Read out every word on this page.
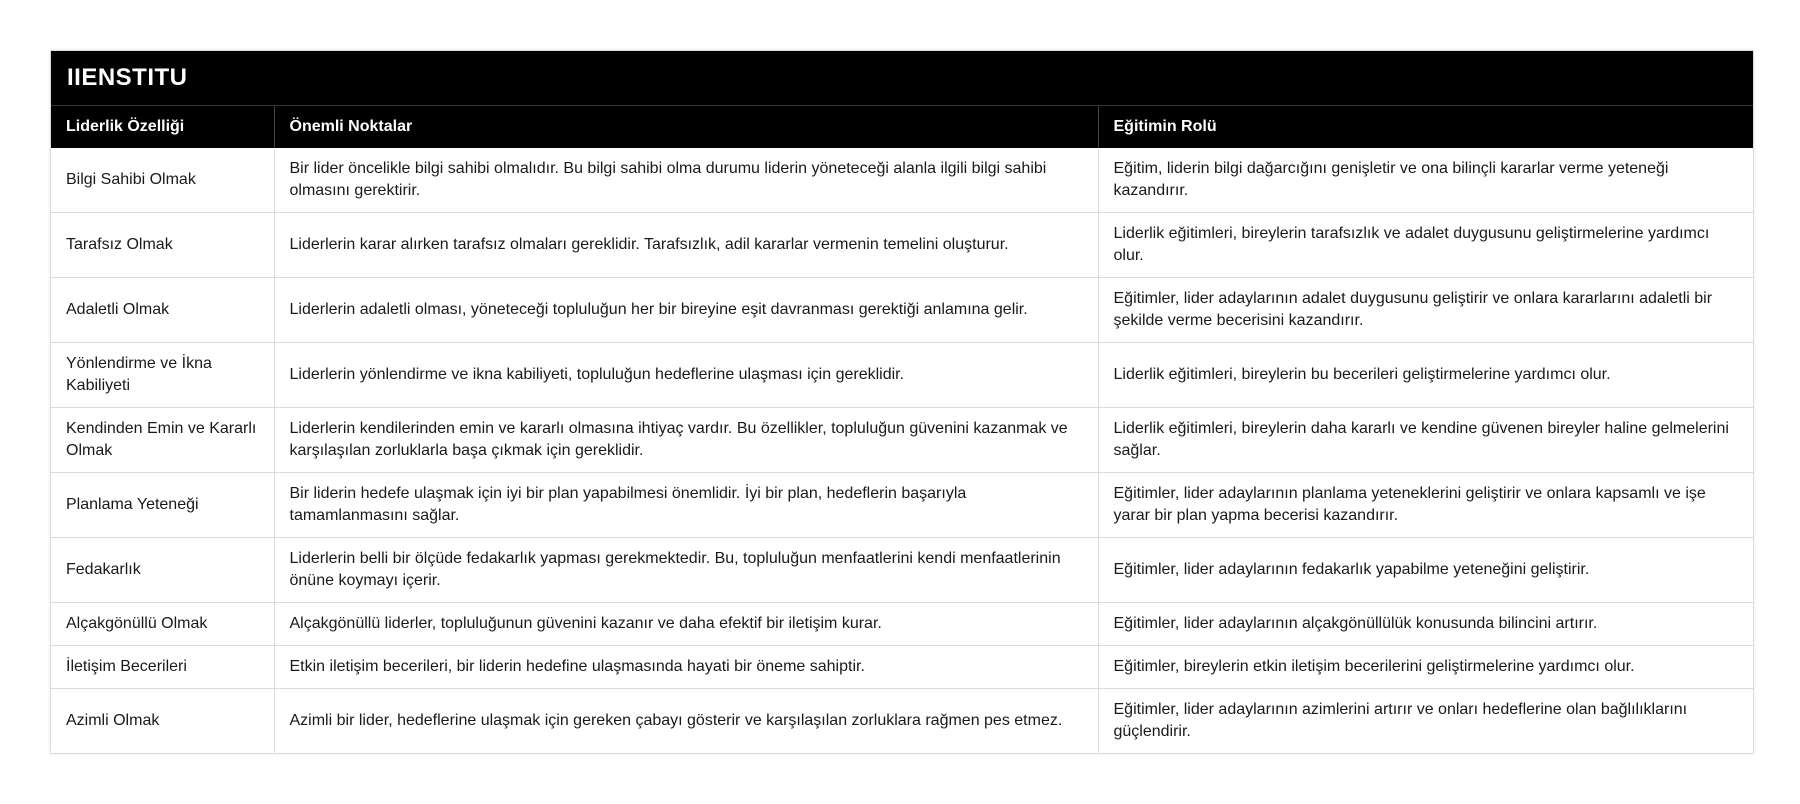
IIENSTITU
Liderlik Özelliği	Önemli Noktalar	Eğitimin Rolü
Bilgi Sahibi Olmak	Bir lider öncelikle bilgi sahibi olmalıdır. Bu bilgi sahibi olma durumu liderin yöneteceği alanla ilgili bilgi sahibi olmasını gerektirir.	Eğitim, liderin bilgi dağarcığını genişletir ve ona bilinçli kararlar verme yeteneği kazandırır.
Tarafsız Olmak	Liderlerin karar alırken tarafsız olmaları gereklidir. Tarafsızlık, adil kararlar vermenin temelini oluşturur.	Liderlik eğitimleri, bireylerin tarafsızlık ve adalet duygusunu geliştirmelerine yardımcı olur.
Adaletli Olmak	Liderlerin adaletli olması, yöneteceği topluluğun her bir bireyine eşit davranması gerektiği anlamına gelir.	Eğitimler, lider adaylarının adalet duygusunu geliştirir ve onlara kararlarını adaletli bir şekilde verme becerisini kazandırır.
Yönlendirme ve İkna Kabiliyeti	Liderlerin yönlendirme ve ikna kabiliyeti, topluluğun hedeflerine ulaşması için gereklidir.	Liderlik eğitimleri, bireylerin bu becerileri geliştirmelerine yardımcı olur.
Kendinden Emin ve Kararlı Olmak	Liderlerin kendilerinden emin ve kararlı olmasına ihtiyaç vardır. Bu özellikler, topluluğun güvenini kazanmak ve karşılaşılan zorluklarla başa çıkmak için gereklidir.	Liderlik eğitimleri, bireylerin daha kararlı ve kendine güvenen bireyler haline gelmelerini sağlar.
Planlama Yeteneği	Bir liderin hedefe ulaşmak için iyi bir plan yapabilmesi önemlidir. İyi bir plan, hedeflerin başarıyla tamamlanmasını sağlar.	Eğitimler, lider adaylarının planlama yeteneklerini geliştirir ve onlara kapsamlı ve işe yarar bir plan yapma becerisi kazandırır.
Fedakarlık	Liderlerin belli bir ölçüde fedakarlık yapması gerekmektedir. Bu, topluluğun menfaatlerini kendi menfaatlerinin önüne koymayı içerir.	Eğitimler, lider adaylarının fedakarlık yapabilme yeteneğini geliştirir.
Alçakgönüllü Olmak	Alçakgönüllü liderler, topluluğunun güvenini kazanır ve daha efektif bir iletişim kurar.	Eğitimler, lider adaylarının alçakgönüllülük konusunda bilincini artırır.
İletişim Becerileri	Etkin iletişim becerileri, bir liderin hedefine ulaşmasında hayati bir öneme sahiptir.	Eğitimler, bireylerin etkin iletişim becerilerini geliştirmelerine yardımcı olur.
Azimli Olmak	Azimli bir lider, hedeflerine ulaşmak için gereken çabayı gösterir ve karşılaşılan zorluklara rağmen pes etmez.	Eğitimler, lider adaylarının azimlerini artırır ve onları hedeflerine olan bağlılıklarını güçlendirir.
